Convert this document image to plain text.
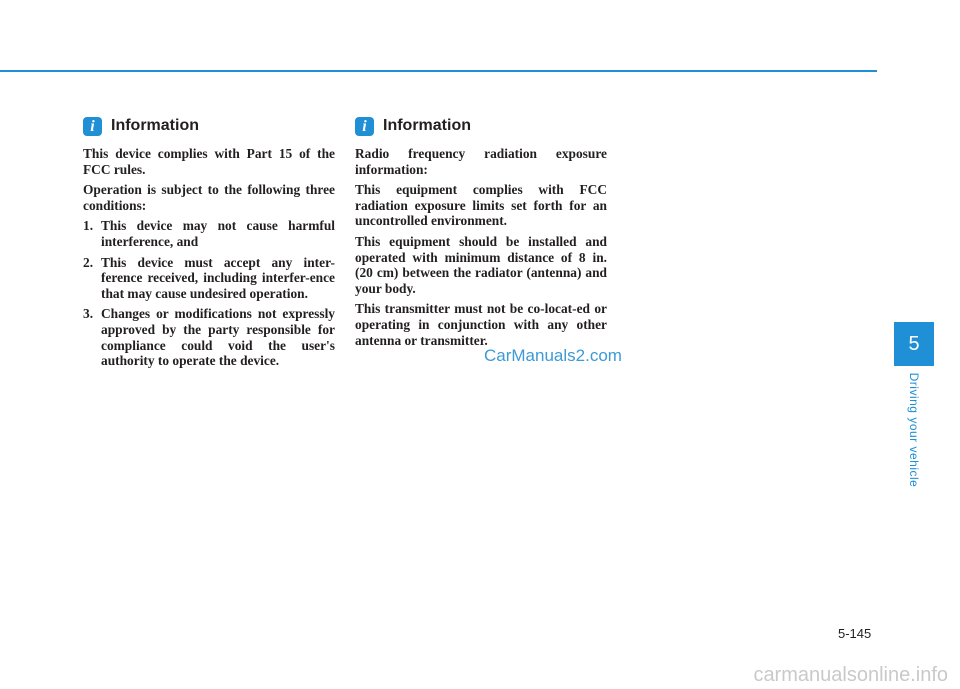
i	Information

This device complies with Part 15 of the FCC rules.

Operation is subject to the following three conditions:

1. This device may not cause harmful interference, and
2. This device must accept any inter-ference received, including interfer-ence that may cause undesired operation.
3. Changes or modifications not expressly approved by the party responsible for compliance could void the user's authority to operate the device.
i	Information

Radio frequency radiation exposure information:

This equipment complies with FCC radiation exposure limits set forth for an uncontrolled environment.

This equipment should be installed and operated with minimum distance of 8 in. (20 cm) between the radiator (antenna) and your body.

This transmitter must not be co-locat-ed or operating in conjunction with any other antenna or transmitter.

CarManuals2.com
5
Driving your vehicle
5-145
carmanualsonline.info
